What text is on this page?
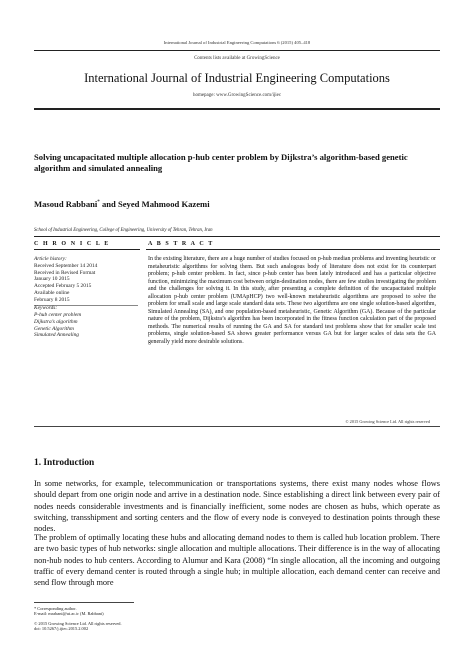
International Journal of Industrial Engineering Computations 6 (2015) 405–418
Contents lists available at GrowingScience
International Journal of Industrial Engineering Computations
homepage: www.GrowingScience.com/ijiec
Solving uncapacitated multiple allocation p-hub center problem by Dijkstra’s algorithm-based genetic algorithm and simulated annealing
Masoud Rabbani* and Seyed Mahmood Kazemi
School of Industrial Engineering, College of Engineering, University of Tehran, Tehran, Iran
C H R O N I C L E	A B S T R A C T
Article history:
Received September 14 2014
Received in Revised Format
January 10 2015
Accepted February 5 2015
Available online
February 8 2015
Keywords:
P-hub center problem
Dijkstra’s algorithm
Genetic Algorithm
Simulated Annealing
In the existing literature, there are a huge number of studies focused on p-hub median problems and inventing heuristic or metaheuristic algorithms for solving them. But such analogous body of literature does not exist for its counterpart problem; p-hub center problem. In fact, since p-hub center has been lately introduced and has a particular objective function, minimizing the maximum cost between origin-destination nodes, there are few studies investigating the problem and the challenges for solving it. In this study, after presenting a complete definition of the uncapacitated multiple allocation p-hub center problem (UMApHCP) two well-known metaheuristic algorithms are proposed to solve the problem for small scale and large scale standard data sets. These two algorithms are one single solution-based algorithm, Simulated Annealing (SA), and one population-based metaheuristic, Genetic Algorithm (GA). Because of the particular nature of the problem, Dijkstra’s algorithm has been incorporated in the fitness function calculation part of the proposed methods. The numerical results of running the GA and SA for standard test problems show that for smaller scale test problems, single solution-based SA shows greater performance versus GA but for larger scales of data sets the GA generally yield more desirable solutions.
© 2015 Growing Science Ltd. All rights reserved
1. Introduction
In some networks, for example, telecommunication or transportations systems, there exist many nodes whose flows should depart from one origin node and arrive in a destination node. Since establishing a direct link between every pair of nodes needs considerable investments and is financially inefficient, some nodes are chosen as hubs, which operate as switching, transshipment and sorting centers and the flow of every node is conveyed to destination points through these nodes.
The problem of optimally locating these hubs and allocating demand nodes to them is called hub location problem. There are two basic types of hub networks: single allocation and multiple allocations. Their difference is in the way of allocating non-hub nodes to hub centers. According to Alumur and Kara (2008) “In single allocation, all the incoming and outgoing traffic of every demand center is routed through a single hub; in multiple allocation, each demand center can receive and send flow through more
* Corresponding author.
E-mail: mrabani@ut.ac.ir (M. Rabbani)
© 2015 Growing Science Ltd. All rights reserved.
doi: 10.5267/j.ijiec.2015.2.002
